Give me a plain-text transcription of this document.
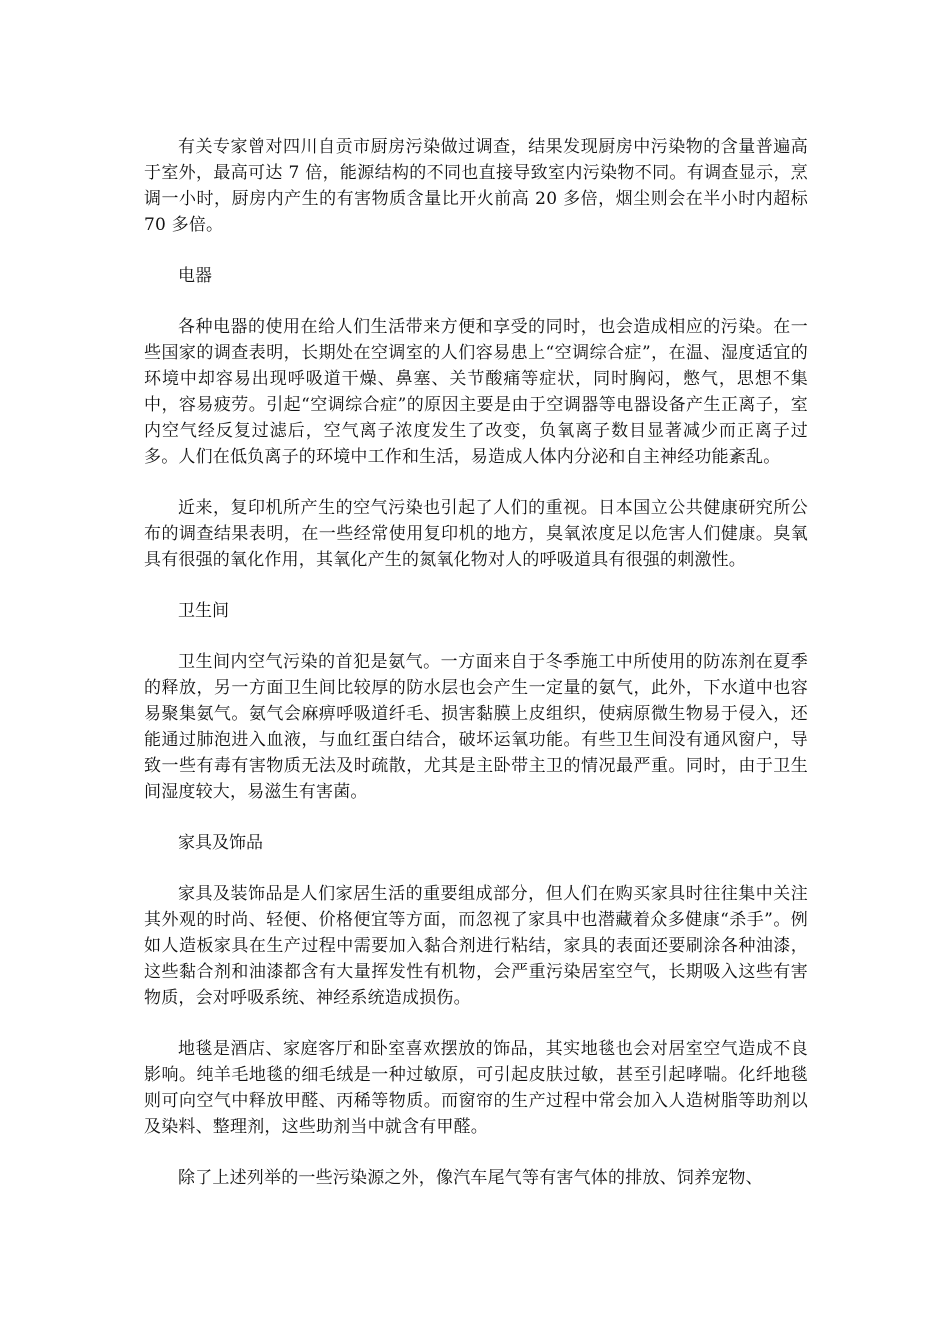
有关专家曾对四川自贡市厨房污染做过调查，结果发现厨房中污染物的含量普遍高于室外，最高可达 7 倍，能源结构的不同也直接导致室内污染物不同。有调查显示，烹调一小时，厨房内产生的有害物质含量比开火前高 20 多倍，烟尘则会在半小时内超标 70 多倍。

电器

各种电器的使用在给人们生活带来方便和享受的同时，也会造成相应的污染。在一些国家的调查表明，长期处在空调室的人们容易患上“空调综合症”，在温、湿度适宜的环境中却容易出现呼吸道干燥、鼻塞、关节酸痛等症状，同时胸闷，憋气，思想不集中，容易疲劳。引起“空调综合症”的原因主要是由于空调器等电器设备产生正离子，室内空气经反复过滤后，空气离子浓度发生了改变，负氧离子数目显著减少而正离子过多。人们在低负离子的环境中工作和生活，易造成人体内分泌和自主神经功能紊乱。

近来，复印机所产生的空气污染也引起了人们的重视。日本国立公共健康研究所公布的调查结果表明，在一些经常使用复印机的地方，臭氧浓度足以危害人们健康。臭氧具有很强的氧化作用，其氧化产生的氮氧化物对人的呼吸道具有很强的刺激性。

卫生间

卫生间内空气污染的首犯是氨气。一方面来自于冬季施工中所使用的防冻剂在夏季的释放，另一方面卫生间比较厚的防水层也会产生一定量的氨气，此外，下水道中也容易聚集氨气。氨气会麻痹呼吸道纤毛、损害黏膜上皮组织，使病原微生物易于侵入，还能通过肺泡进入血液，与血红蛋白结合，破坏运氧功能。有些卫生间没有通风窗户，导致一些有毒有害物质无法及时疏散，尤其是主卧带主卫的情况最严重。同时，由于卫生间湿度较大，易滋生有害菌。

家具及饰品

家具及装饰品是人们家居生活的重要组成部分，但人们在购买家具时往往集中关注其外观的时尚、轻便、价格便宜等方面，而忽视了家具中也潜藏着众多健康“杀手”。例如人造板家具在生产过程中需要加入黏合剂进行粘结，家具的表面还要刷涂各种油漆，这些黏合剂和油漆都含有大量挥发性有机物，会严重污染居室空气，长期吸入这些有害物质，会对呼吸系统、神经系统造成损伤。

地毯是酒店、家庭客厅和卧室喜欢摆放的饰品，其实地毯也会对居室空气造成不良影响。纯羊毛地毯的细毛绒是一种过敏原，可引起皮肤过敏，甚至引起哮喘。化纤地毯则可向空气中释放甲醛、丙稀等物质。而窗帘的生产过程中常会加入人造树脂等助剂以及染料、整理剂，这些助剂当中就含有甲醛。

除了上述列举的一些污染源之外，像汽车尾气等有害气体的排放、饲养宠物、
